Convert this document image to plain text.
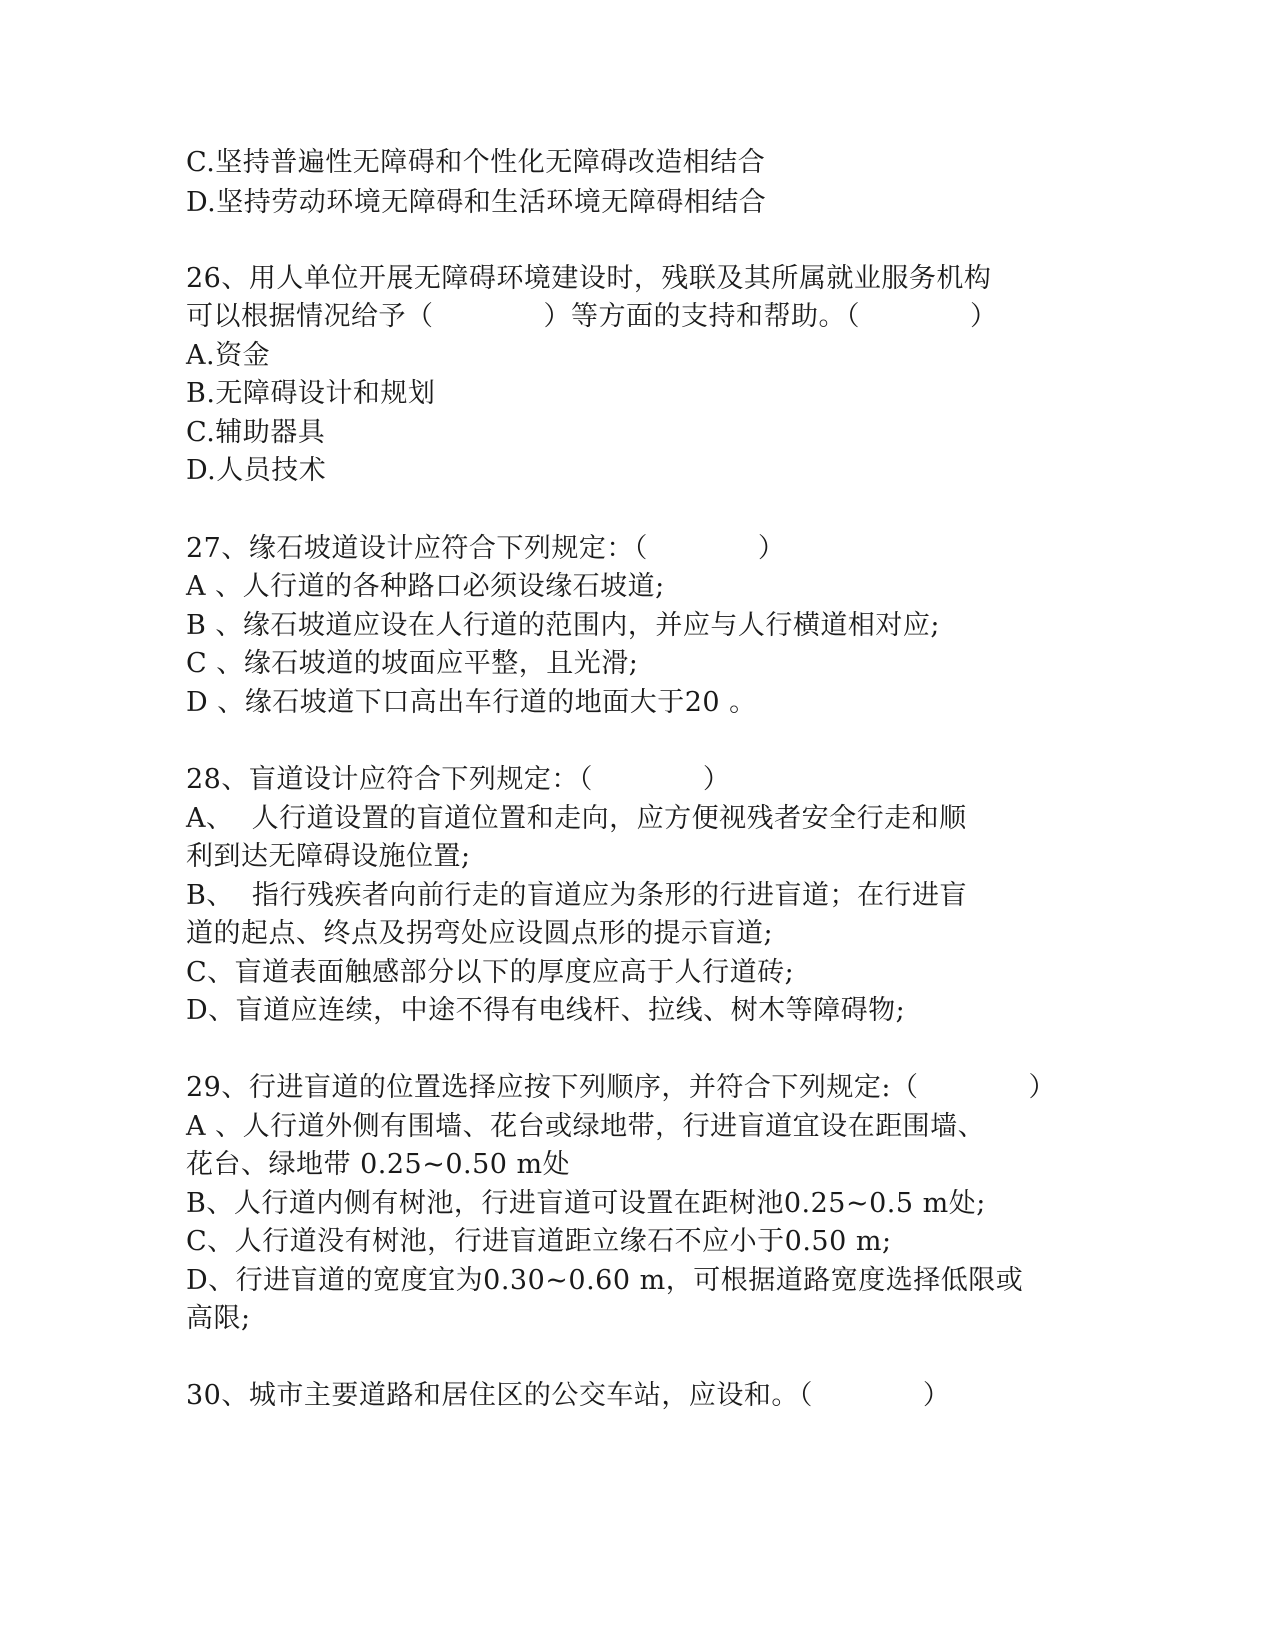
C.坚持普遍性无障碍和个性化无障碍改造相结合

D.坚持劳动环境无障碍和生活环境无障碍相结合

26、用人单位开展无障碍环境建设时，残联及其所属就业服务机构

可以根据情况给予（　　　　）等方面的支持和帮助。（　　　　）

A.资金

B.无障碍设计和规划

C.辅助器具

D.人员技术

27、缘石坡道设计应符合下列规定：（　　　　）

A 、人行道的各种路口必须设缘石坡道;

B 、缘石坡道应设在人行道的范围内，并应与人行横道相对应;

C 、缘石坡道的坡面应平整，且光滑;

D 、缘石坡道下口高出车行道的地面大于20 。

28、盲道设计应符合下列规定：（　　　　）

A、  人行道设置的盲道位置和走向，应方便视残者安全行走和顺

利到达无障碍设施位置;

B、  指行残疾者向前行走的盲道应为条形的行进盲道；在行进盲

道的起点、终点及拐弯处应设圆点形的提示盲道;

C、盲道表面触感部分以下的厚度应高于人行道砖;

D、盲道应连续，中途不得有电线杆、拉线、树木等障碍物;

29、行进盲道的位置选择应按下列顺序，并符合下列规定:（　　　　）

A 、人行道外侧有围墙、花台或绿地带，行进盲道宜设在距围墙、

花台、绿地带 0.25~0.50 m处

B、人行道内侧有树池，行进盲道可设置在距树池0.25~0.5 m处;

C、人行道没有树池，行进盲道距立缘石不应小于0.50 m;

D、行进盲道的宽度宜为0.30~0.60 m，可根据道路宽度选择低限或

高限;

30、城市主要道路和居住区的公交车站，应设和。（　　　　）
